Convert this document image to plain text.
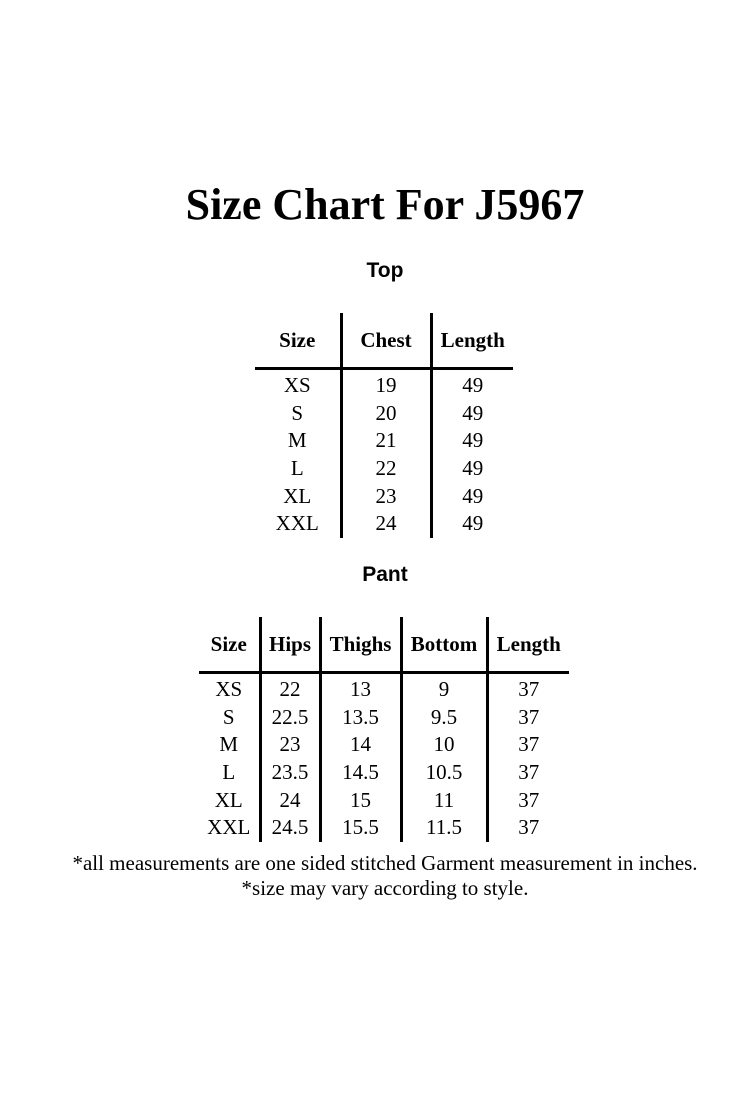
Size Chart For J5967
Top
Size	Chest	Length
XS	19	49
S	20	49
M	21	49
L	22	49
XL	23	49
XXL	24	49
Pant
Size	Hips	Thighs	Bottom	Length
XS	22	13	9	37
S	22.5	13.5	9.5	37
M	23	14	10	37
L	23.5	14.5	10.5	37
XL	24	15	11	37
XXL	24.5	15.5	11.5	37

*all measurements are one sided stitched Garment measurement in inches.

*size may vary according to style.
